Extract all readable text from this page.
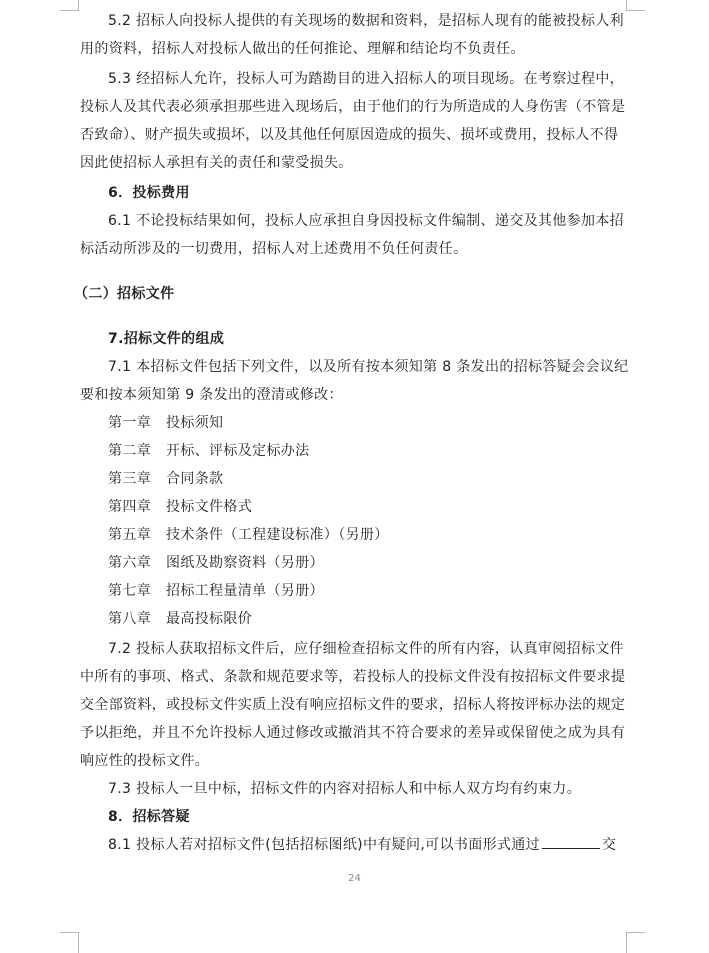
5.2 招标人向投标人提供的有关现场的数据和资料，是招标人现有的能被投标人利
用的资料，招标人对投标人做出的任何推论、理解和结论均不负责任。
5.3 经招标人允许，投标人可为踏勘目的进入招标人的项目现场。在考察过程中，
投标人及其代表必须承担那些进入现场后，由于他们的行为所造成的人身伤害（不管是
否致命）、财产损失或损坏，以及其他任何原因造成的损失、损坏或费用，投标人不得
因此使招标人承担有关的责任和蒙受损失。
6．投标费用
6.1 不论投标结果如何，投标人应承担自身因投标文件编制、递交及其他参加本招
标活动所涉及的一切费用，招标人对上述费用不负任何责任。
（二）招标文件
7.招标文件的组成
7.1 本招标文件包括下列文件，以及所有按本须知第 8 条发出的招标答疑会会议纪
要和按本须知第 9 条发出的澄清或修改：
第一章 投标须知
第二章 开标、评标及定标办法
第三章 合同条款
第四章 投标文件格式
第五章 技术条件（工程建设标准）（另册）
第六章 图纸及勘察资料（另册）
第七章 招标工程量清单（另册）
第八章 最高投标限价
7.2 投标人获取招标文件后，应仔细检查招标文件的所有内容，认真审阅招标文件
中所有的事项、格式、条款和规范要求等，若投标人的投标文件没有按招标文件要求提
交全部资料，或投标文件实质上没有响应招标文件的要求，招标人将按评标办法的规定
予以拒绝，并且不允许投标人通过修改或撤消其不符合要求的差异或保留使之成为具有
响应性的投标文件。
7.3 投标人一旦中标，招标文件的内容对招标人和中标人双方均有约束力。
8．招标答疑
8.1 投标人若对招标文件(包括招标图纸)中有疑问,可以书面形式通过	交
24
